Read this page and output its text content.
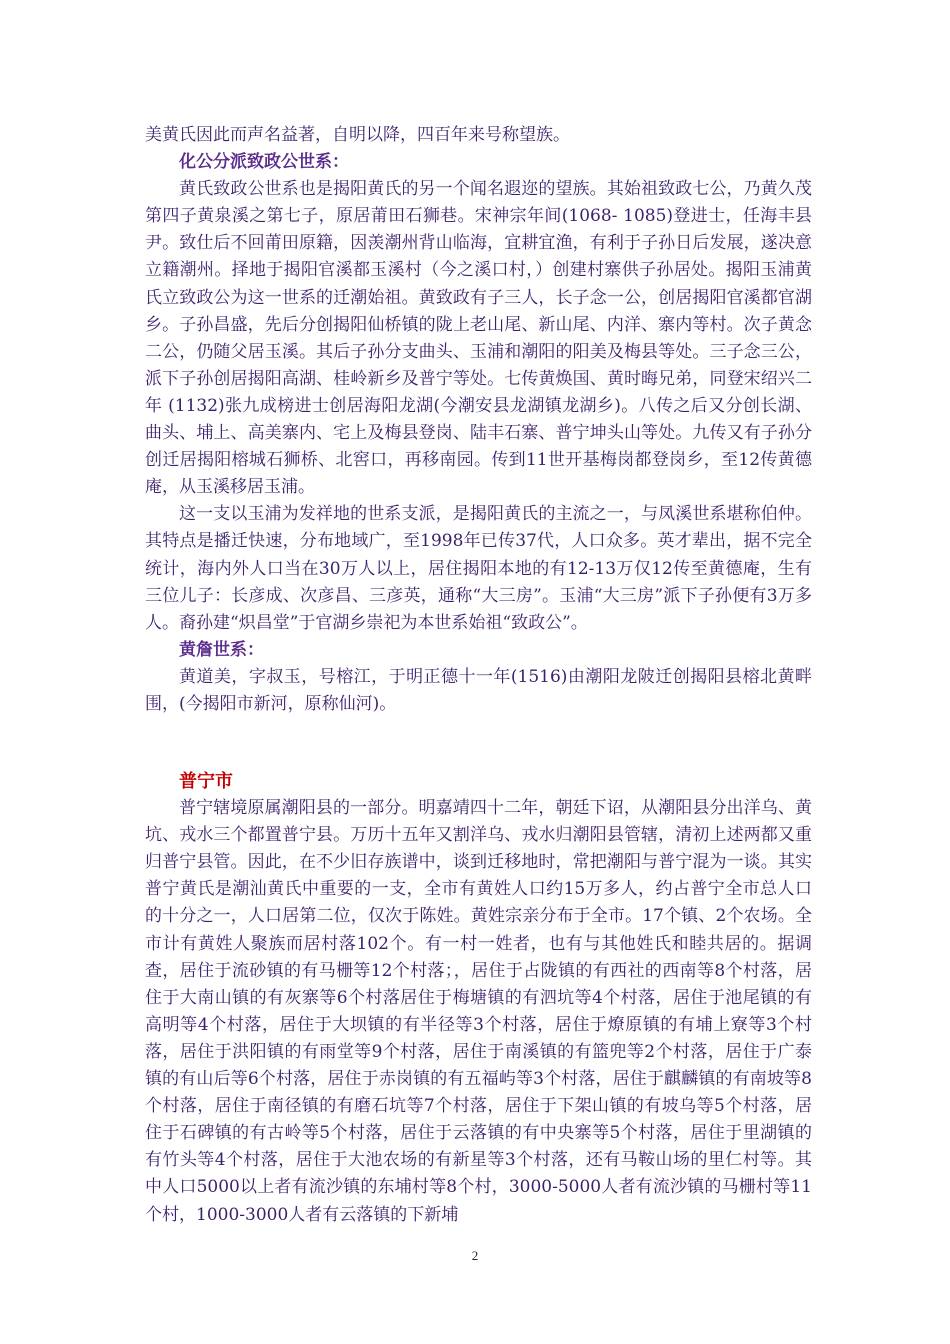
美黄氏因此而声名益著，自明以降，四百年来号称望族。

化公分派致政公世系：

黄氏致政公世系也是揭阳黄氏的另一个闻名遐迩的望族。其始祖致政七公，乃黄久茂第四子黄泉溪之第七子，原居莆田石狮巷。宋神宗年间(1068- 1085)登进士，任海丰县尹。致仕后不回莆田原籍，因羡潮州背山临海，宜耕宜渔，有利于子孙日后发展，遂决意立籍潮州。择地于揭阳官溪都玉溪村（今之溪口村，）创建村寨供子孙居处。揭阳玉浦黄氏立致政公为这一世系的迁潮始祖。黄致政有子三人，长子念一公，创居揭阳官溪都官湖乡。子孙昌盛，先后分创揭阳仙桥镇的陇上老山尾、新山尾、内洋、寨内等村。次子黄念二公，仍随父居玉溪。其后子孙分支曲头、玉浦和潮阳的阳美及梅县等处。三子念三公，派下子孙创居揭阳高湖、桂岭新乡及普宁等处。七传黄焕国、黄时晦兄弟，同登宋绍兴二年 (1132)张九成榜进士创居海阳龙湖(今潮安县龙湖镇龙湖乡)。八传之后又分创长湖、曲头、埔上、高美寨内、宅上及梅县登岗、陆丰石寨、普宁坤头山等处。九传又有子孙分创迁居揭阳榕城石狮桥、北窖口，再移南园。传到11世开基梅岗都登岗乡，至12传黄德庵，从玉溪移居玉浦。

这一支以玉浦为发祥地的世系支派，是揭阳黄氏的主流之一，与凤溪世系堪称伯仲。其特点是播迁快速，分布地域广，至1998年已传37代，人口众多。英才辈出，据不完全统计，海内外人口当在30万人以上，居住揭阳本地的有12-13万仅12传至黄德庵，生有三位儿子：长彦成、次彦昌、三彦英，通称“大三房”。玉浦“大三房”派下子孙便有3万多人。裔孙建“炽昌堂”于官湖乡崇祀为本世系始祖“致政公”。

黄詹世系：

黄道美，字叔玉，号榕江，于明正德十一年(1516)由潮阳龙陂迁创揭阳县榕北黄畔围，(今揭阳市新河，原称仙河)。

普宁市

普宁辖境原属潮阳县的一部分。明嘉靖四十二年，朝廷下诏，从潮阳县分出洋乌、黄坑、戎水三个都置普宁县。万历十五年又割洋乌、戎水归潮阳县管辖，清初上述两都又重归普宁县管。因此，在不少旧存族谱中，谈到迁移地时，常把潮阳与普宁混为一谈。其实普宁黄氏是潮汕黄氏中重要的一支，全市有黄姓人口约15万多人，约占普宁全市总人口的十分之一，人口居第二位，仅次于陈姓。黄姓宗亲分布于全市。17个镇、2个农场。全市计有黄姓人聚族而居村落102个。有一村一姓者，也有与其他姓氏和睦共居的。据调查，居住于流砂镇的有马栅等12个村落；，居住于占陇镇的有西社的西南等8个村落，居住于大南山镇的有灰寨等6个村落居住于梅塘镇的有泗坑等4个村落，居住于池尾镇的有高明等4个村落，居住于大坝镇的有半径等3个村落，居住于燎原镇的有埔上寮等3个村落，居住于洪阳镇的有雨堂等9个村落，居住于南溪镇的有篮兜等2个村落，居住于广泰镇的有山后等6个村落，居住于赤岗镇的有五福屿等3个村落，居住于麒麟镇的有南坡等8个村落，居住于南径镇的有磨石坑等7个村落，居住于下架山镇的有坡乌等5个村落，居住于石碑镇的有古岭等5个村落，居住于云落镇的有中央寨等5个村落，居住于里湖镇的有竹头等4个村落，居住于大池农场的有新星等3个村落，还有马鞍山场的里仁村等。其中人口5000以上者有流沙镇的东埔村等8个村，3000-5000人者有流沙镇的马栅村等11个村，1000-3000人者有云落镇的下新埔

2
